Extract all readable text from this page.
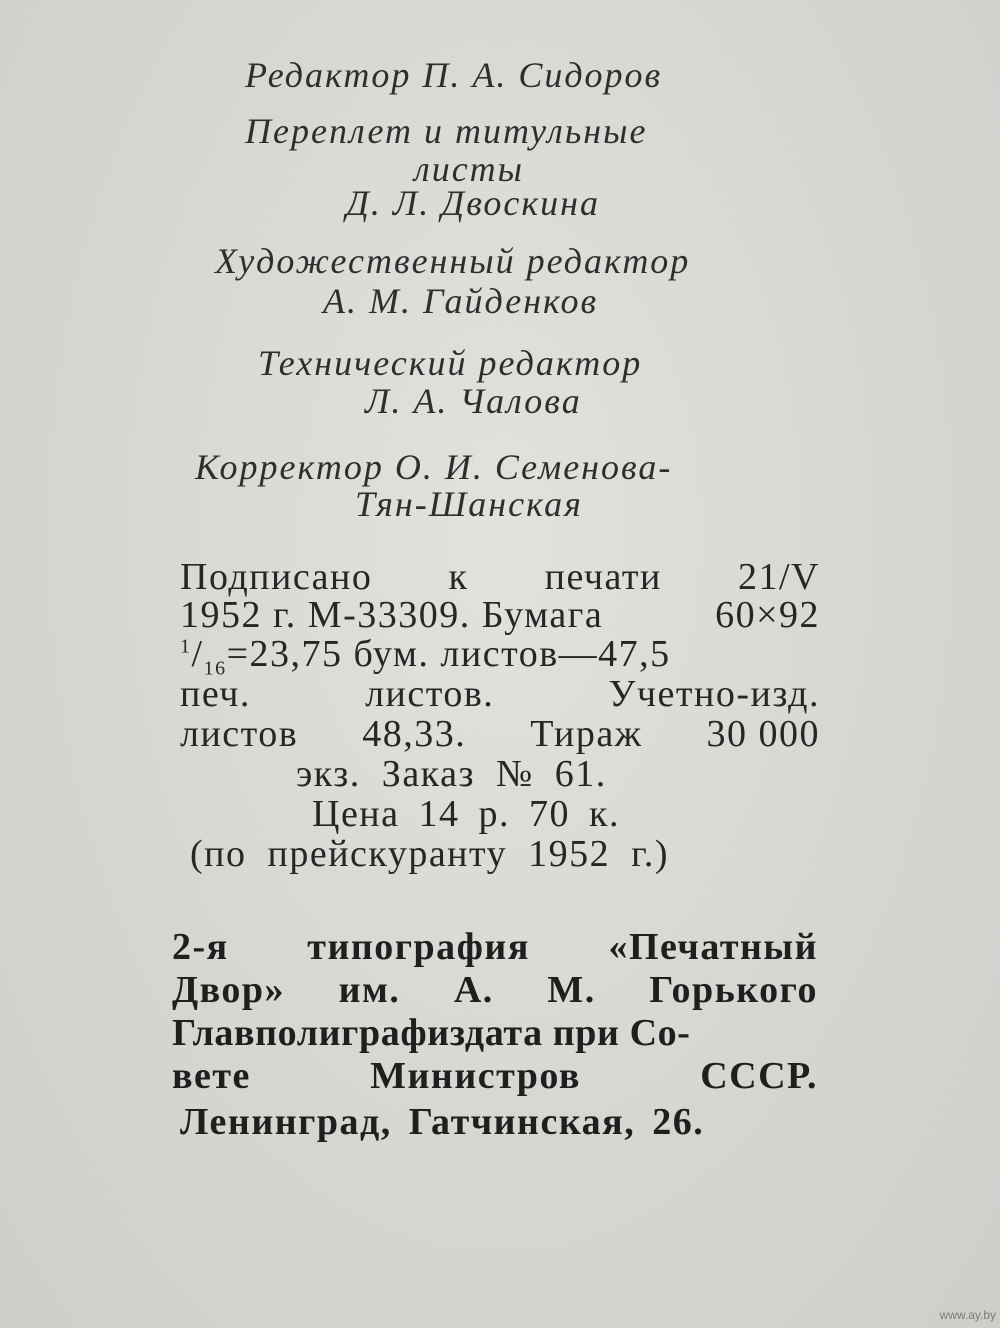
Редактор П. А. Сидоров
Переплет и титульные
листы
Д. Л. Двоскина
Художественный редактор
А. М. Гайденков
Технический редактор
Л. А. Чалова
Корректор О. И. Семенова-
Тян-Шанская
Подписано к печати 21/V
1952 г. М-33309. Бумага	60×92
$^1/_{16}=23,75$ бум. листов—47,5
печ.	листов.	Учетно-изд.
листов 48,33. Тираж 30 000
экз. Заказ № 61.
Цена 14 р. 70 к.
(по прейскуранту 1952 г.)
2-я типография «Печатный
Двор» им. А. М. Горького
Главполиграфиздата при Со-
вете	Министров	СССР.
Ленинград, Гатчинская, 26.
www.ay.by
